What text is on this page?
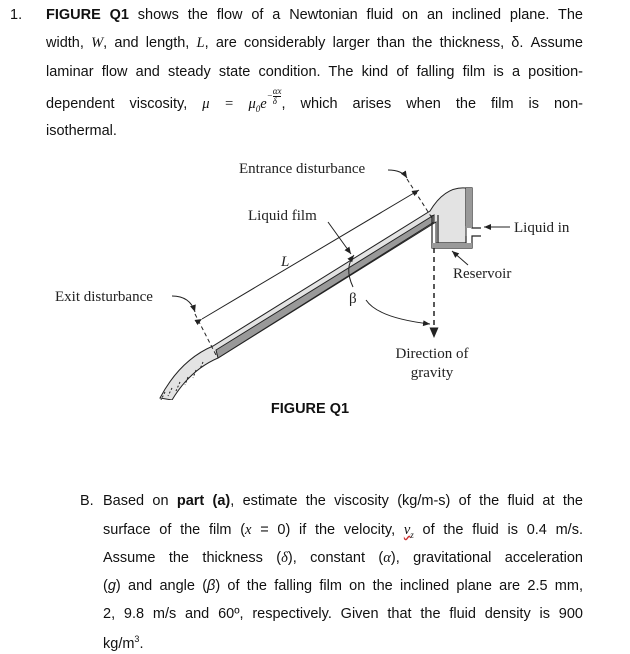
1. FIGURE Q1 shows the flow of a Newtonian fluid on an inclined plane. The
width, W, and length, L, are considerably larger than the thickness, δ. Assume
laminar flow and steady state condition. The kind of falling film is a position-
dependent viscosity, $\mu = \mu_0e- \frac{\alpha x}{\delta}$ , which arises when the film is non-
isothermal.
Entrance disturbance
Liquid film
Liquid in
Reservoir
Exit disturbance
L
β
Direction of
gravity
FIGURE Q1
B. Based on part (a), estimate the viscosity (kg/m-s) of the fluid at the
surface of the film (x = 0) if the velocity, $v_z$ of the fluid is 0.4 m/s.
Assume the thickness (δ), constant (α), gravitational acceleration
(g) and angle (β) of the falling film on the inclined plane are 2.5 mm,
2, 9.8 m/s and 60º, respectively. Given that the fluid density is 900
$kg/m^3$.
